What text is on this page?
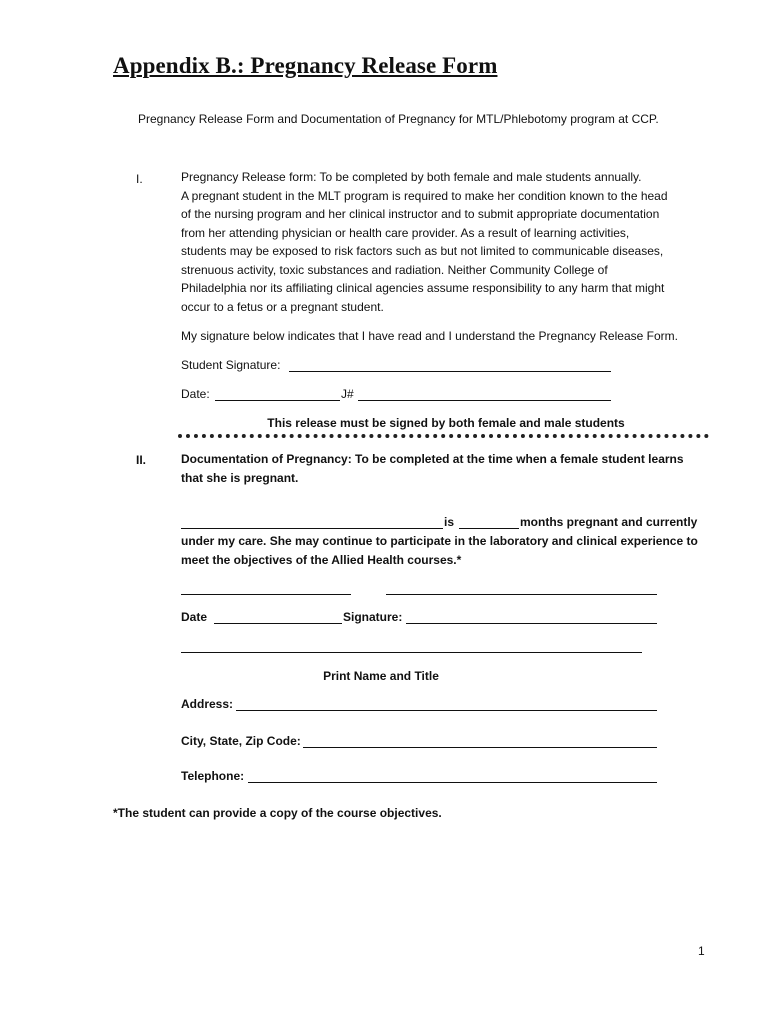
Appendix B.: Pregnancy Release Form
Pregnancy Release Form and Documentation of Pregnancy for MTL/Phlebotomy program at CCP.
I.	Pregnancy Release form: To be completed by both female and male students annually.

A pregnant student in the MLT program is required to make her condition known to the head

of the nursing program and her clinical instructor and to submit appropriate documentation

from her attending physician or health care provider. As a result of learning activities,

students may be exposed to risk factors such as but not limited to communicable diseases,

strenuous activity, toxic substances and radiation. Neither Community College of

Philadelphia nor its affiliating clinical agencies assume responsibility to any harm that might

occur to a fetus or a pregnant student.

My signature below indicates that I have read and I understand the Pregnancy Release Form.
Student Signature:
Date:	J#
This release must be signed by both female and male students
II.	Documentation of Pregnancy: To be completed at the time when a female student learns

that she is pregnant.

is	months pregnant and currently

under my care. She may continue to participate in the laboratory and clinical experience to

meet the objectives of the Allied Health courses.*

Date	Signature:
Print Name and Title
Address:
City, State, Zip Code:
Telephone:
*The student can provide a copy of the course objectives.
1
